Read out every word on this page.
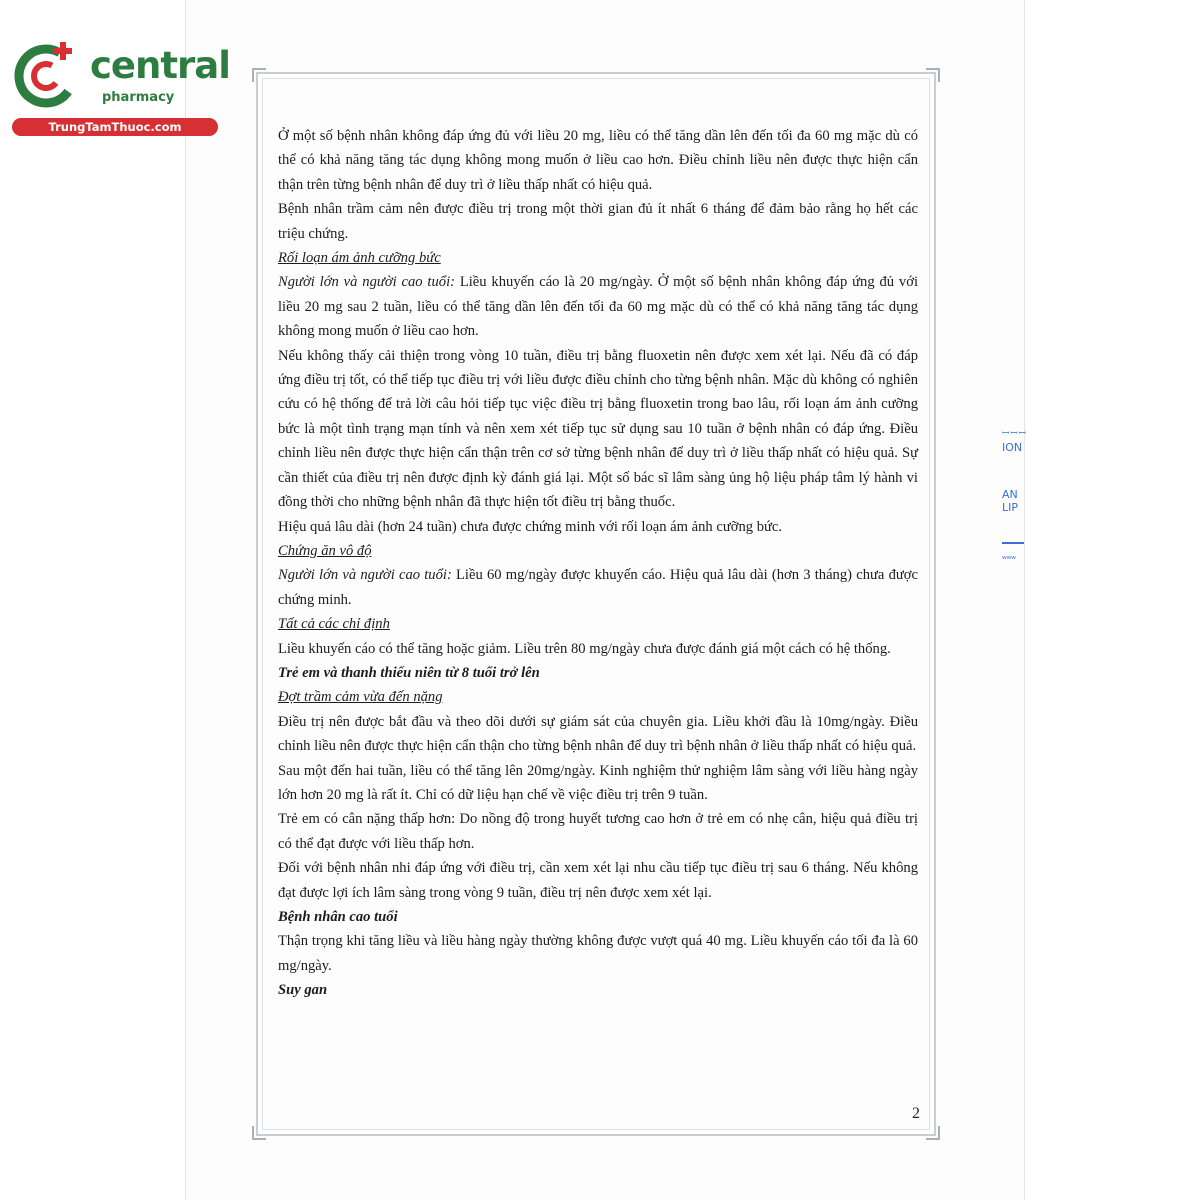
central
pharmacy
TrungTamThuoc.com

Ở một số bệnh nhân không đáp ứng đủ với liều 20 mg, liều có thể tăng dần lên đến tối đa 60 mg mặc dù có thể có khả năng tăng tác dụng không mong muốn ở liều cao hơn. Điều chỉnh liều nên được thực hiện cẩn thận trên từng bệnh nhân để duy trì ở liều thấp nhất có hiệu quả.

Bệnh nhân trầm cảm nên được điều trị trong một thời gian đủ ít nhất 6 tháng để đảm bảo rằng họ hết các triệu chứng.

Rối loạn ám ảnh cưỡng bức

Người lớn và người cao tuổi: Liều khuyến cáo là 20 mg/ngày. Ở một số bệnh nhân không đáp ứng đủ với liều 20 mg sau 2 tuần, liều có thể tăng dần lên đến tối đa 60 mg mặc dù có thể có khả năng tăng tác dụng không mong muốn ở liều cao hơn.

Nếu không thấy cải thiện trong vòng 10 tuần, điều trị bằng fluoxetin nên được xem xét lại. Nếu đã có đáp ứng điều trị tốt, có thể tiếp tục điều trị với liều được điều chỉnh cho từng bệnh nhân. Mặc dù không có nghiên cứu có hệ thống để trả lời câu hỏi tiếp tục việc điều trị bằng fluoxetin trong bao lâu, rối loạn ám ảnh cưỡng bức là một tình trạng mạn tính và nên xem xét tiếp tục sử dụng sau 10 tuần ở bệnh nhân có đáp ứng. Điều chỉnh liều nên được thực hiện cẩn thận trên cơ sở từng bệnh nhân để duy trì ở liều thấp nhất có hiệu quả. Sự cần thiết của điều trị nên được định kỳ đánh giá lại. Một số bác sĩ lâm sàng ủng hộ liệu pháp tâm lý hành vi đồng thời cho những bệnh nhân đã thực hiện tốt điều trị bằng thuốc.

Hiệu quả lâu dài (hơn 24 tuần) chưa được chứng minh với rối loạn ám ảnh cưỡng bức.

Chứng ăn vô độ

Người lớn và người cao tuổi: Liều 60 mg/ngày được khuyến cáo. Hiệu quả lâu dài (hơn 3 tháng) chưa được chứng minh.

Tất cả các chỉ định

Liều khuyến cáo có thể tăng hoặc giảm. Liều trên 80 mg/ngày chưa được đánh giá một cách có hệ thống.

Trẻ em và thanh thiếu niên từ 8 tuổi trở lên

Đợt trầm cảm vừa đến nặng

Điều trị nên được bắt đầu và theo dõi dưới sự giám sát của chuyên gia. Liều khởi đầu là 10mg/ngày. Điều chỉnh liều nên được thực hiện cẩn thận cho từng bệnh nhân để duy trì bệnh nhân ở liều thấp nhất có hiệu quả.

Sau một đến hai tuần, liều có thể tăng lên 20mg/ngày. Kinh nghiệm thử nghiệm lâm sàng với liều hàng ngày lớn hơn 20 mg là rất ít. Chỉ có dữ liệu hạn chế về việc điều trị trên 9 tuần.

Trẻ em có cân nặng thấp hơn: Do nồng độ trong huyết tương cao hơn ở trẻ em có nhẹ cân, hiệu quả điều trị có thể đạt được với liều thấp hơn.

Đối với bệnh nhân nhi đáp ứng với điều trị, cần xem xét lại nhu cầu tiếp tục điều trị sau 6 tháng. Nếu không đạt được lợi ích lâm sàng trong vòng 9 tuần, điều trị nên được xem xét lại.

Bệnh nhân cao tuổi

Thận trọng khi tăng liều và liều hàng ngày thường không được vượt quá 40 mg. Liều khuyến cáo tối đa là 60 mg/ngày.

Suy gan

2
ꟷꟷꟷ
ION
AN
LIP
ʷʷʷ
